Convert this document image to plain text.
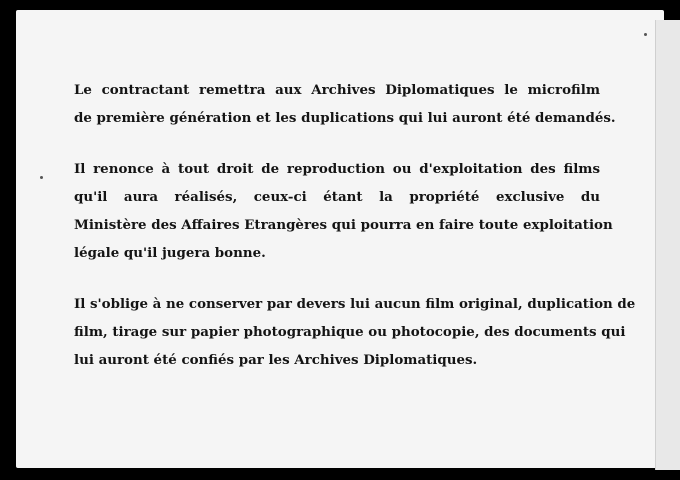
Le contractant remettra aux Archives Diplomatiques le microfilm
de première génération et les duplications qui lui auront été demandés.
Il renonce à tout droit de reproduction ou d'exploitation des films
qu'il aura réalisés, ceux-ci étant la propriété exclusive du
Ministère des Affaires Etrangères qui pourra en faire toute exploitation
légale qu'il jugera bonne.
Il s'oblige à ne conserver par devers lui aucun film original, duplication de
film, tirage sur papier photographique ou photocopie, des documents qui
lui auront été confiés par les Archives Diplomatiques.
